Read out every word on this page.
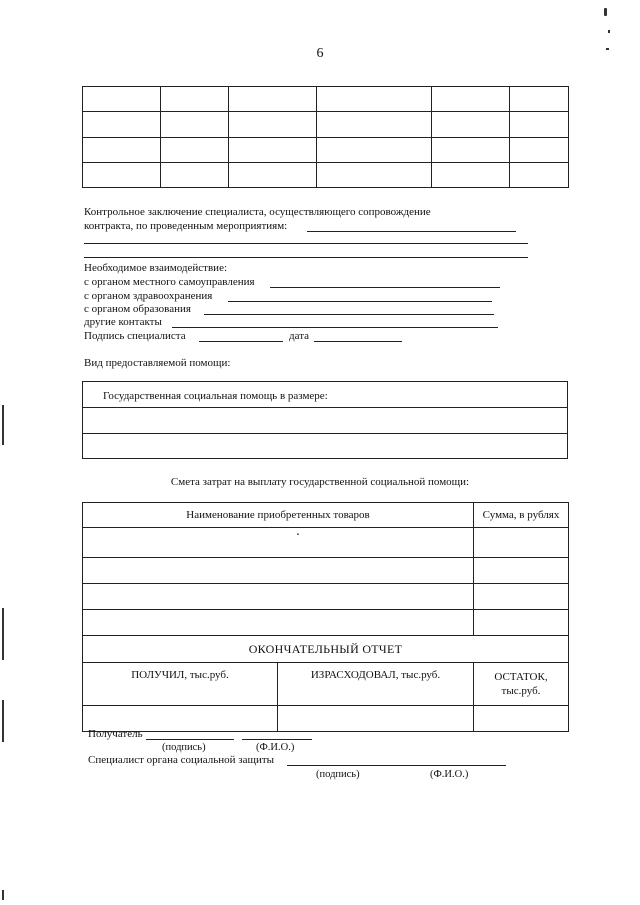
6

Контрольное заключение специалиста, осуществляющего сопровождение
контракта, по проведенным мероприятиям:
Необходимое взаимодействие:
с органом местного самоуправления
с органом здравоохранения
с органом образования
другие контакты
Подпись специалиста	дата
Вид предоставляемой помощи:
Государственная социальная помощь в размере:
Смета затрат на выплату государственной социальной помощи:
Наименование приобретенных товаров		Сумма, в рублях
·		

ОКОНЧАТЕЛЬНЫЙ ОТЧЕТ		
ПОЛУЧИЛ, тыс.руб.	ИЗРАСХОДОВАЛ, тыс.руб.	ОСТАТОК,
тыс.руб.

Получатель
(подпись)	(Ф.И.О.)
Специалист органа социальной защиты
(подпись)	(Ф.И.О.)
